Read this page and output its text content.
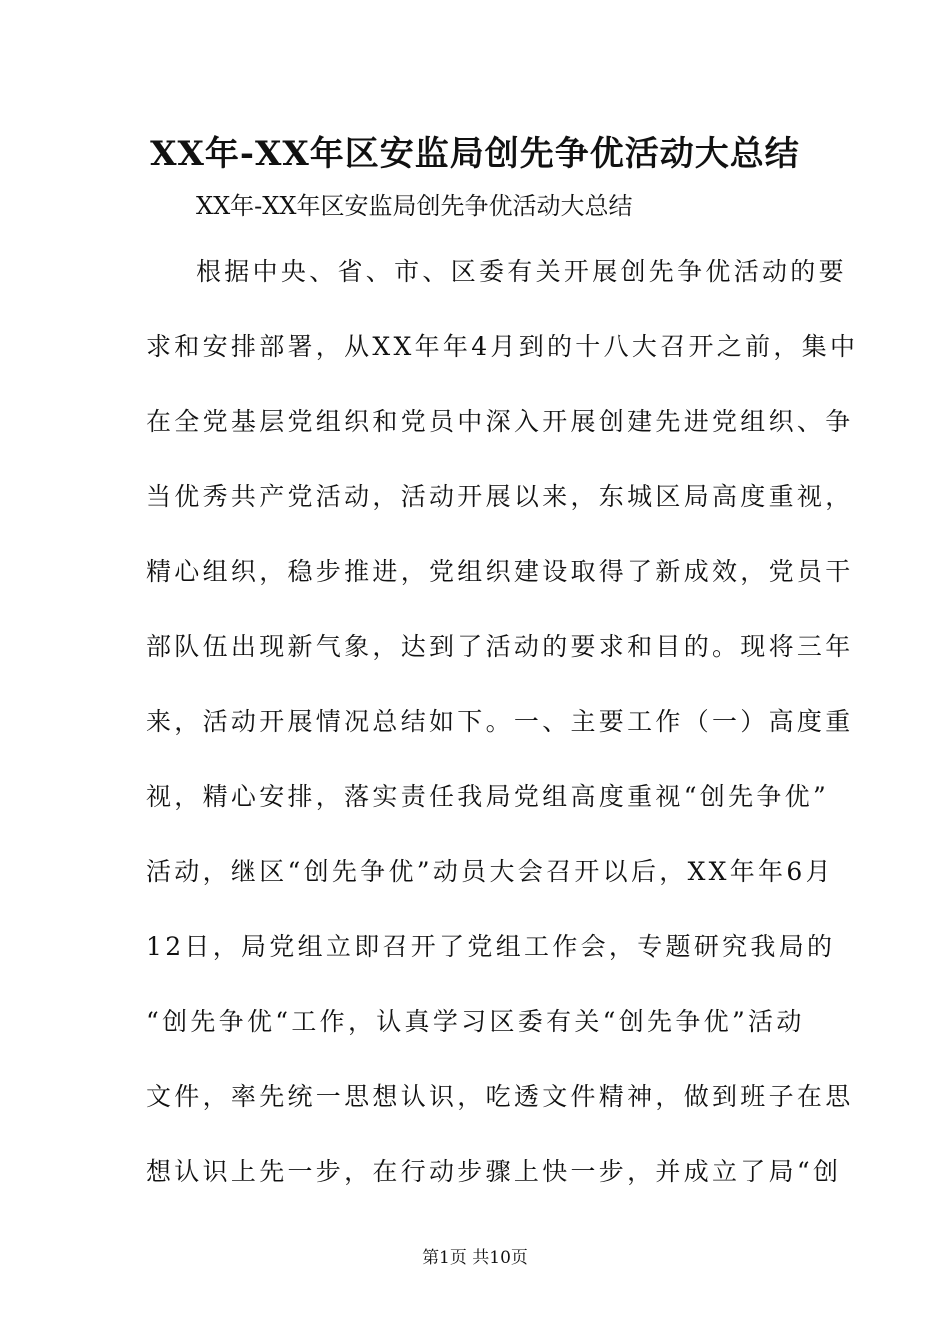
XX年-XX年区安监局创先争优活动大总结

XX年-XX年区安监局创先争优活动大总结

根据中央、省、市、区委有关开展创先争优活动的要

求和安排部署，从XX年年4月到的十八大召开之前，集中

在全党基层党组织和党员中深入开展创建先进党组织、争

当优秀共产党活动，活动开展以来，东城区局高度重视，

精心组织，稳步推进，党组织建设取得了新成效，党员干

部队伍出现新气象，达到了活动的要求和目的。现将三年

来，活动开展情况总结如下。一、主要工作（一）高度重

视，精心安排，落实责任我局党组高度重视“创先争优”

活动，继区“创先争优”动员大会召开以后，XX年年6月

12日，局党组立即召开了党组工作会，专题研究我局的

“创先争优“工作，认真学习区委有关“创先争优”活动

文件，率先统一思想认识，吃透文件精神，做到班子在思

想认识上先一步，在行动步骤上快一步，并成立了局“创

第1页 共10页
